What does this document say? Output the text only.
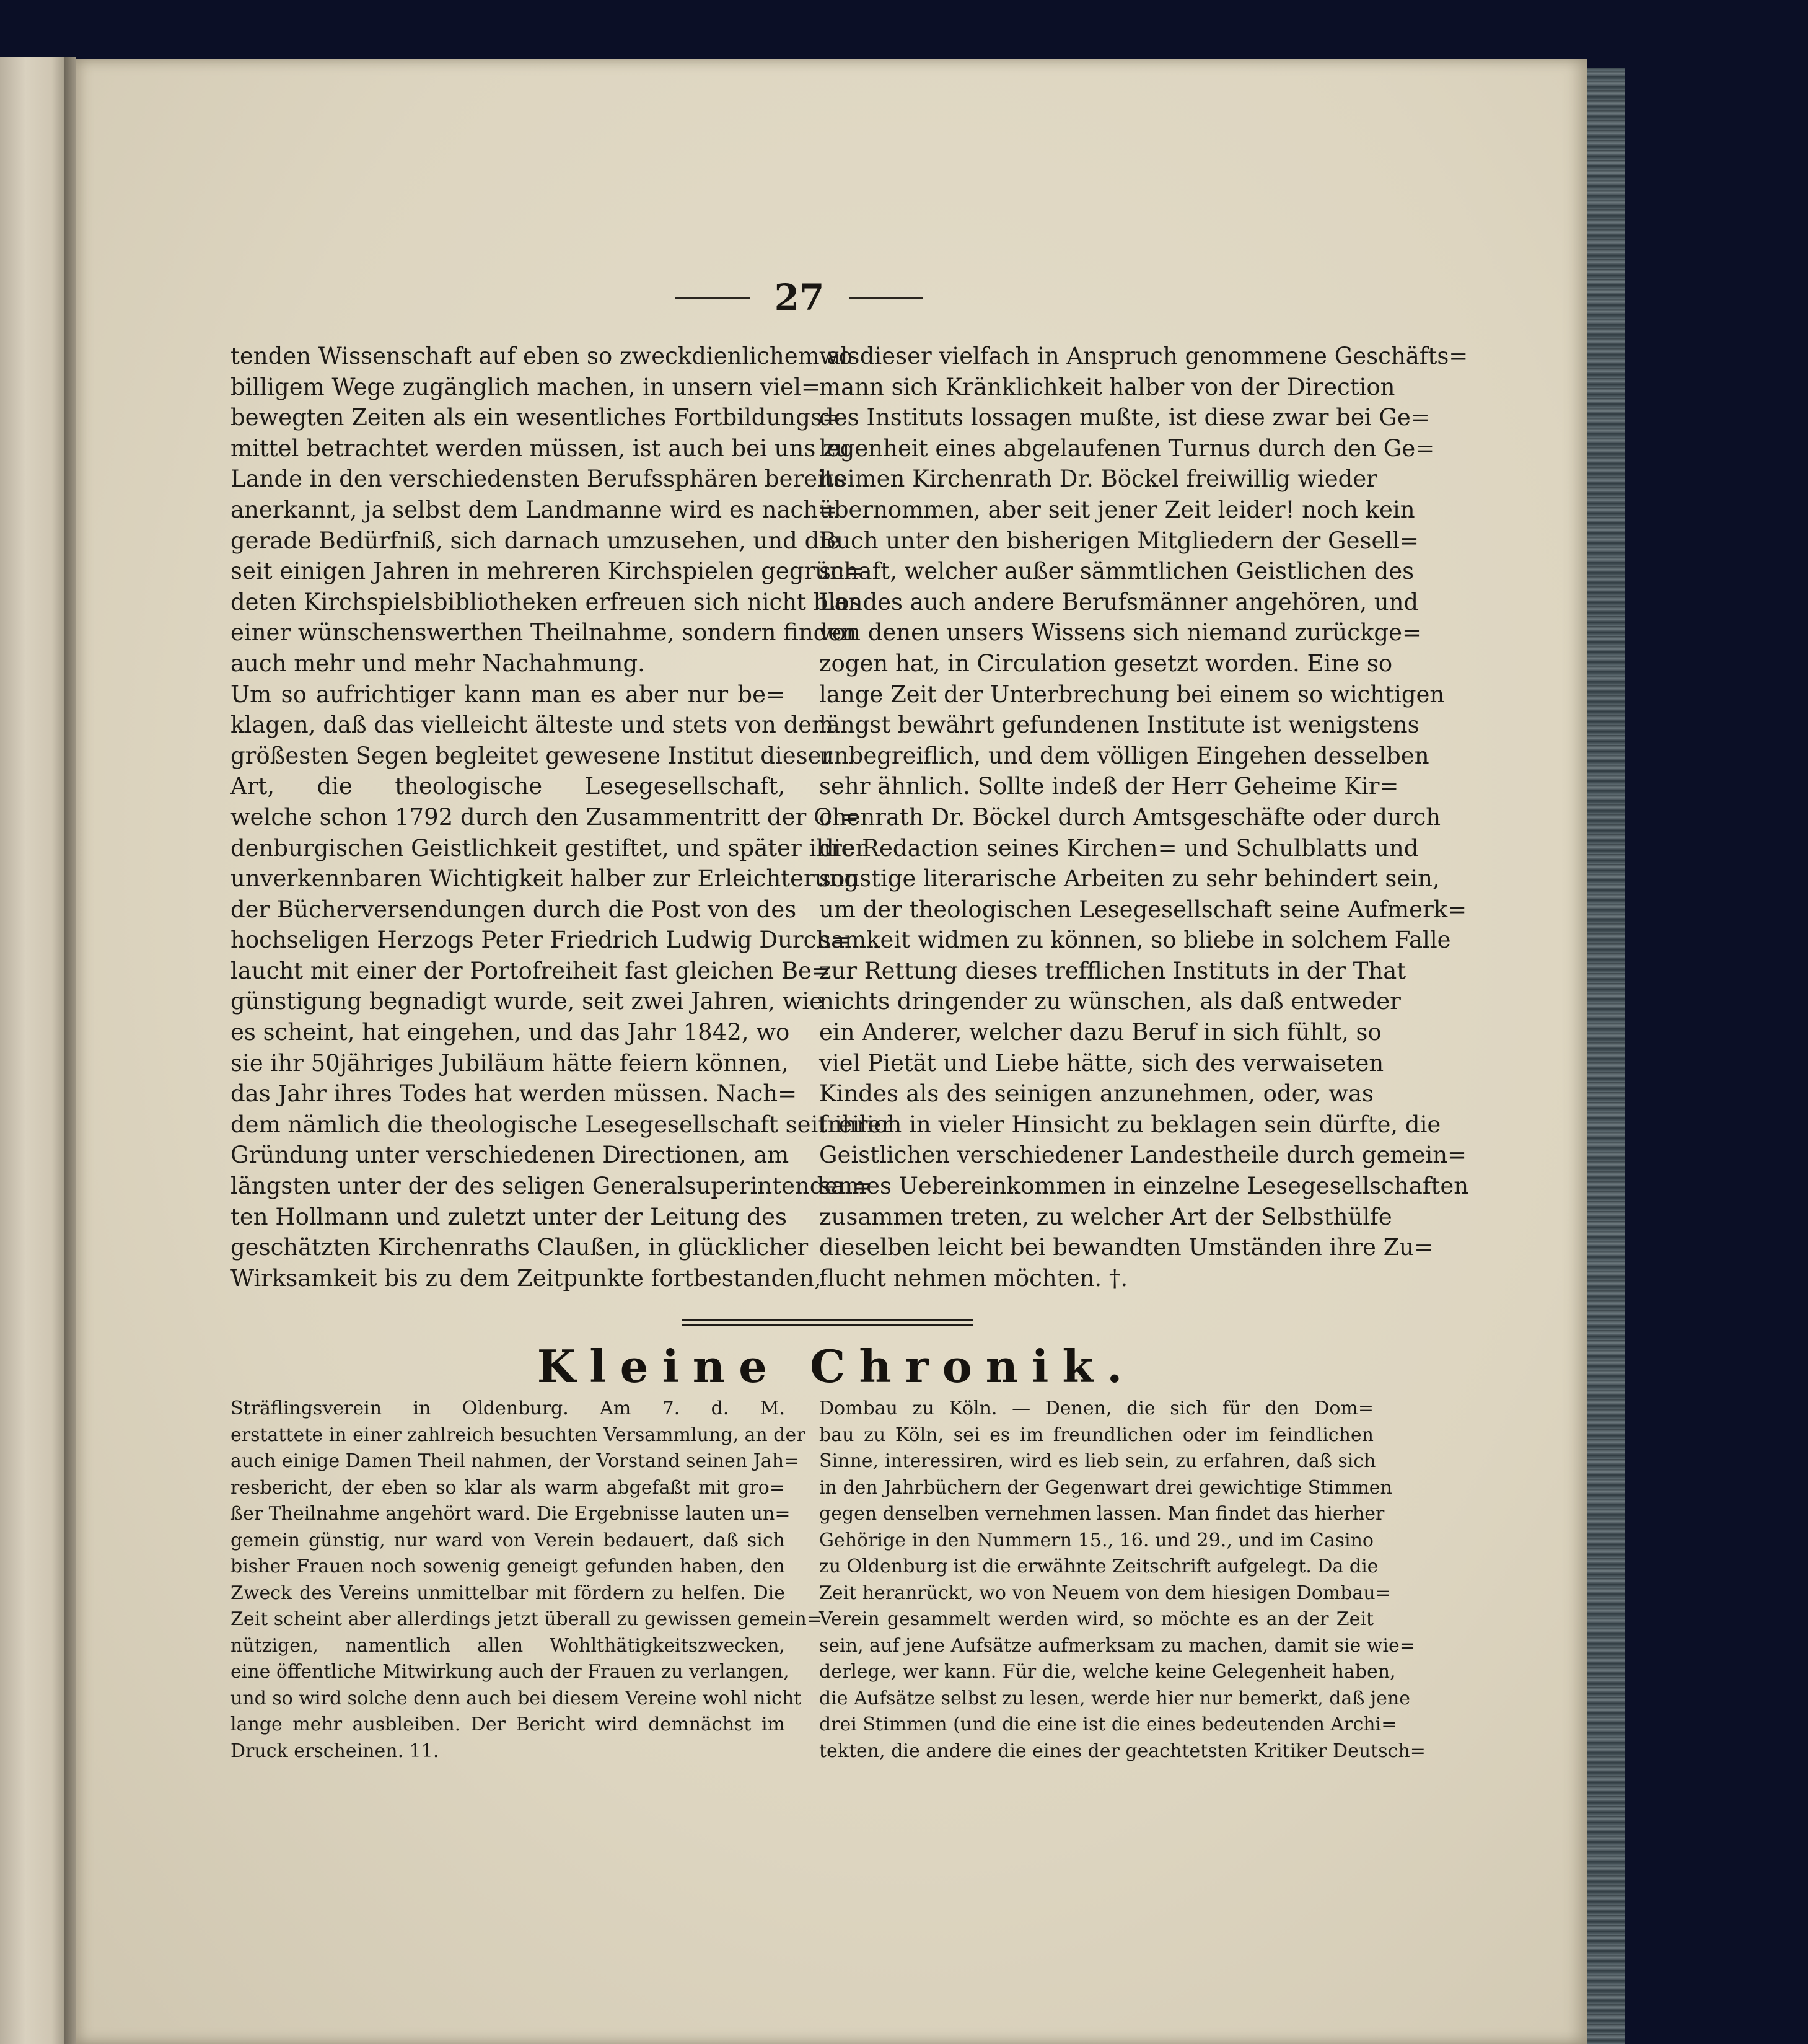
27
tenden Wissenschaft auf eben so zweckdienlichem als
billigem Wege zugänglich machen, in unsern viel=
bewegten Zeiten als ein wesentliches Fortbildungs=
mittel betrachtet werden müssen, ist auch bei uns zu
Lande in den verschiedensten Berufssphären bereits
anerkannt, ja selbst dem Landmanne wird es nach=
gerade Bedürfniß, sich darnach umzusehen, und die
seit einigen Jahren in mehreren Kirchspielen gegrün=
deten Kirchspielsbibliotheken erfreuen sich nicht blos
einer wünschenswerthen Theilnahme, sondern finden
auch mehr und mehr Nachahmung.
Um so aufrichtiger kann man es aber nur be=
klagen, daß das vielleicht älteste und stets von dem
größesten Segen begleitet gewesene Institut dieser
Art, die theologische Lesegesellschaft,
welche schon 1792 durch den Zusammentritt der Ol=
denburgischen Geistlichkeit gestiftet, und später ihrer
unverkennbaren Wichtigkeit halber zur Erleichterung
der Bücherversendungen durch die Post von des
hochseligen Herzogs Peter Friedrich Ludwig Durch=
laucht mit einer der Portofreiheit fast gleichen Be=
günstigung begnadigt wurde, seit zwei Jahren, wie
es scheint, hat eingehen, und das Jahr 1842, wo
sie ihr 50jähriges Jubiläum hätte feiern können,
das Jahr ihres Todes hat werden müssen. Nach=
dem nämlich die theologische Lesegesellschaft seit ihrer
Gründung unter verschiedenen Directionen, am
längsten unter der des seligen Generalsuperintenden=
ten Hollmann und zuletzt unter der Leitung des
geschätzten Kirchenraths Claußen, in glücklicher
Wirksamkeit bis zu dem Zeitpunkte fortbestanden,
wo dieser vielfach in Anspruch genommene Geschäfts=
mann sich Kränklichkeit halber von der Direction
des Instituts lossagen mußte, ist diese zwar bei Ge=
legenheit eines abgelaufenen Turnus durch den Ge=
heimen Kirchenrath Dr. Böckel freiwillig wieder
übernommen, aber seit jener Zeit leider! noch kein
Buch unter den bisherigen Mitgliedern der Gesell=
schaft, welcher außer sämmtlichen Geistlichen des
Landes auch andere Berufsmänner angehören, und
von denen unsers Wissens sich niemand zurückge=
zogen hat, in Circulation gesetzt worden. Eine so
lange Zeit der Unterbrechung bei einem so wichtigen
längst bewährt gefundenen Institute ist wenigstens
unbegreiflich, und dem völligen Eingehen desselben
sehr ähnlich. Sollte indeß der Herr Geheime Kir=
chenrath Dr. Böckel durch Amtsgeschäfte oder durch
die Redaction seines Kirchen= und Schulblatts und
sonstige literarische Arbeiten zu sehr behindert sein,
um der theologischen Lesegesellschaft seine Aufmerk=
samkeit widmen zu können, so bliebe in solchem Falle
zur Rettung dieses trefflichen Instituts in der That
nichts dringender zu wünschen, als daß entweder
ein Anderer, welcher dazu Beruf in sich fühlt, so
viel Pietät und Liebe hätte, sich des verwaiseten
Kindes als des seinigen anzunehmen, oder, was
freilich in vieler Hinsicht zu beklagen sein dürfte, die
Geistlichen verschiedener Landestheile durch gemein=
sames Uebereinkommen in einzelne Lesegesellschaften
zusammen treten, zu welcher Art der Selbsthülfe
dieselben leicht bei bewandten Umständen ihre Zu=
flucht nehmen möchten. †.
Kleine Chronik.
Sträflingsverein in Oldenburg. Am 7. d. M.
erstattete in einer zahlreich besuchten Versammlung, an der
auch einige Damen Theil nahmen, der Vorstand seinen Jah=
resbericht, der eben so klar als warm abgefaßt mit gro=
ßer Theilnahme angehört ward. Die Ergebnisse lauten un=
gemein günstig, nur ward von Verein bedauert, daß sich
bisher Frauen noch sowenig geneigt gefunden haben, den
Zweck des Vereins unmittelbar mit fördern zu helfen. Die
Zeit scheint aber allerdings jetzt überall zu gewissen gemein=
nützigen, namentlich allen Wohlthätigkeitszwecken,
eine öffentliche Mitwirkung auch der Frauen zu verlangen,
und so wird solche denn auch bei diesem Vereine wohl nicht
lange mehr ausbleiben. Der Bericht wird demnächst im
Druck erscheinen. 11.
Dombau zu Köln. — Denen, die sich für den Dom=
bau zu Köln, sei es im freundlichen oder im feindlichen
Sinne, interessiren, wird es lieb sein, zu erfahren, daß sich
in den Jahrbüchern der Gegenwart drei gewichtige Stimmen
gegen denselben vernehmen lassen. Man findet das hierher
Gehörige in den Nummern 15., 16. und 29., und im Casino
zu Oldenburg ist die erwähnte Zeitschrift aufgelegt. Da die
Zeit heranrückt, wo von Neuem von dem hiesigen Dombau=
Verein gesammelt werden wird, so möchte es an der Zeit
sein, auf jene Aufsätze aufmerksam zu machen, damit sie wie=
derlege, wer kann. Für die, welche keine Gelegenheit haben,
die Aufsätze selbst zu lesen, werde hier nur bemerkt, daß jene
drei Stimmen (und die eine ist die eines bedeutenden Archi=
tekten, die andere die eines der geachtetsten Kritiker Deutsch=
